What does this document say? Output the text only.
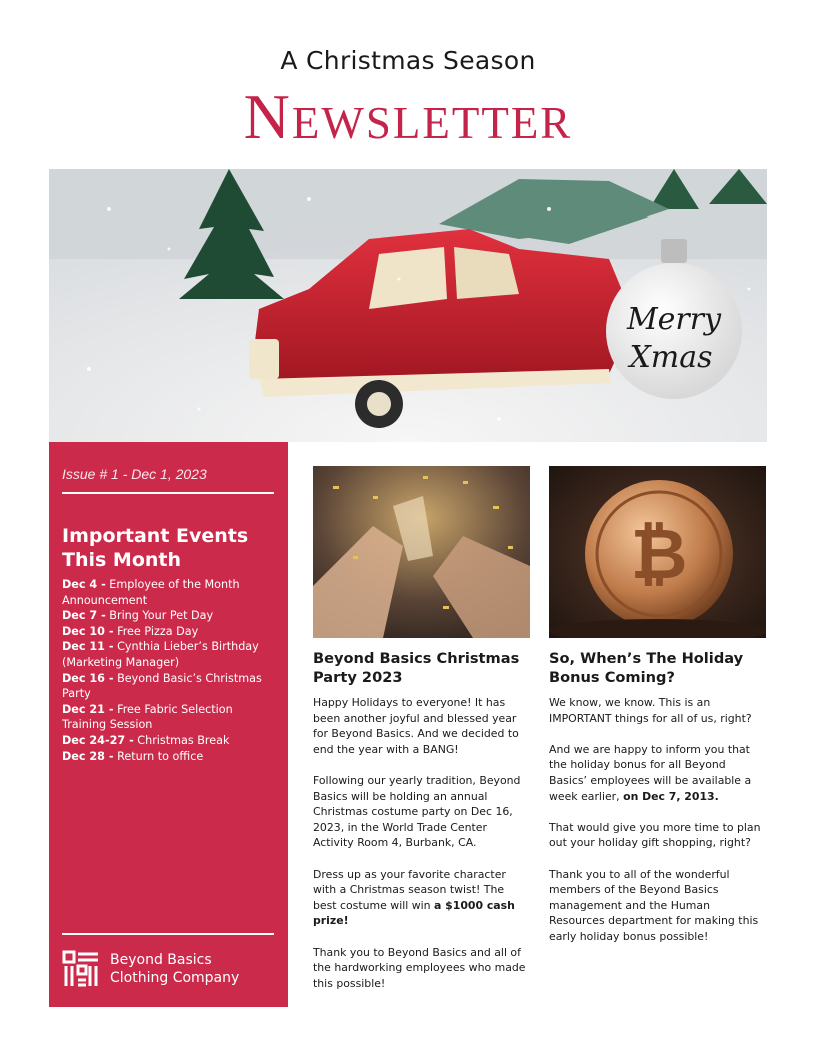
A Christmas Season
Newsletter
Merry
Xmas
Issue # 1 - Dec 1, 2023
Important Events This Month
Dec 4 - Employee of the Month Announcement
Dec 7 - Bring Your Pet Day
Dec 10 - Free Pizza Day
Dec 11 - Cynthia Lieber’s Birthday (Marketing Manager)
Dec 16 - Beyond Basic’s Christmas Party
Dec 21 - Free Fabric Selection Training Session
Dec 24-27 - Christmas Break
Dec 28 - Return to office
Beyond Basics
Clothing Company
Beyond Basics Christmas Party 2023

Happy Holidays to everyone! It has been another joyful and blessed year for Beyond Basics. And we decided to end the year with a BANG!

Following our yearly tradition, Beyond Basics will be holding an annual Christmas costume party on Dec 16, 2023, in the World Trade Center Activity Room 4, Burbank, CA.

Dress up as your favorite character with a Christmas season twist! The best costume will win a $1000 cash prize!

Thank you to Beyond Basics and all of the hardworking employees who made this possible!

₿
So, When’s The Holiday Bonus Coming?

We know, we know. This is an IMPORTANT things for all of us, right?

And we are happy to inform you that the holiday bonus for all Beyond Basics’ employees will be available a week earlier, on Dec 7, 2013.

That would give you more time to plan out your holiday gift shopping, right?

Thank you to all of the wonderful members of the Beyond Basics management and the Human Resources department for making this early holiday bonus possible!
